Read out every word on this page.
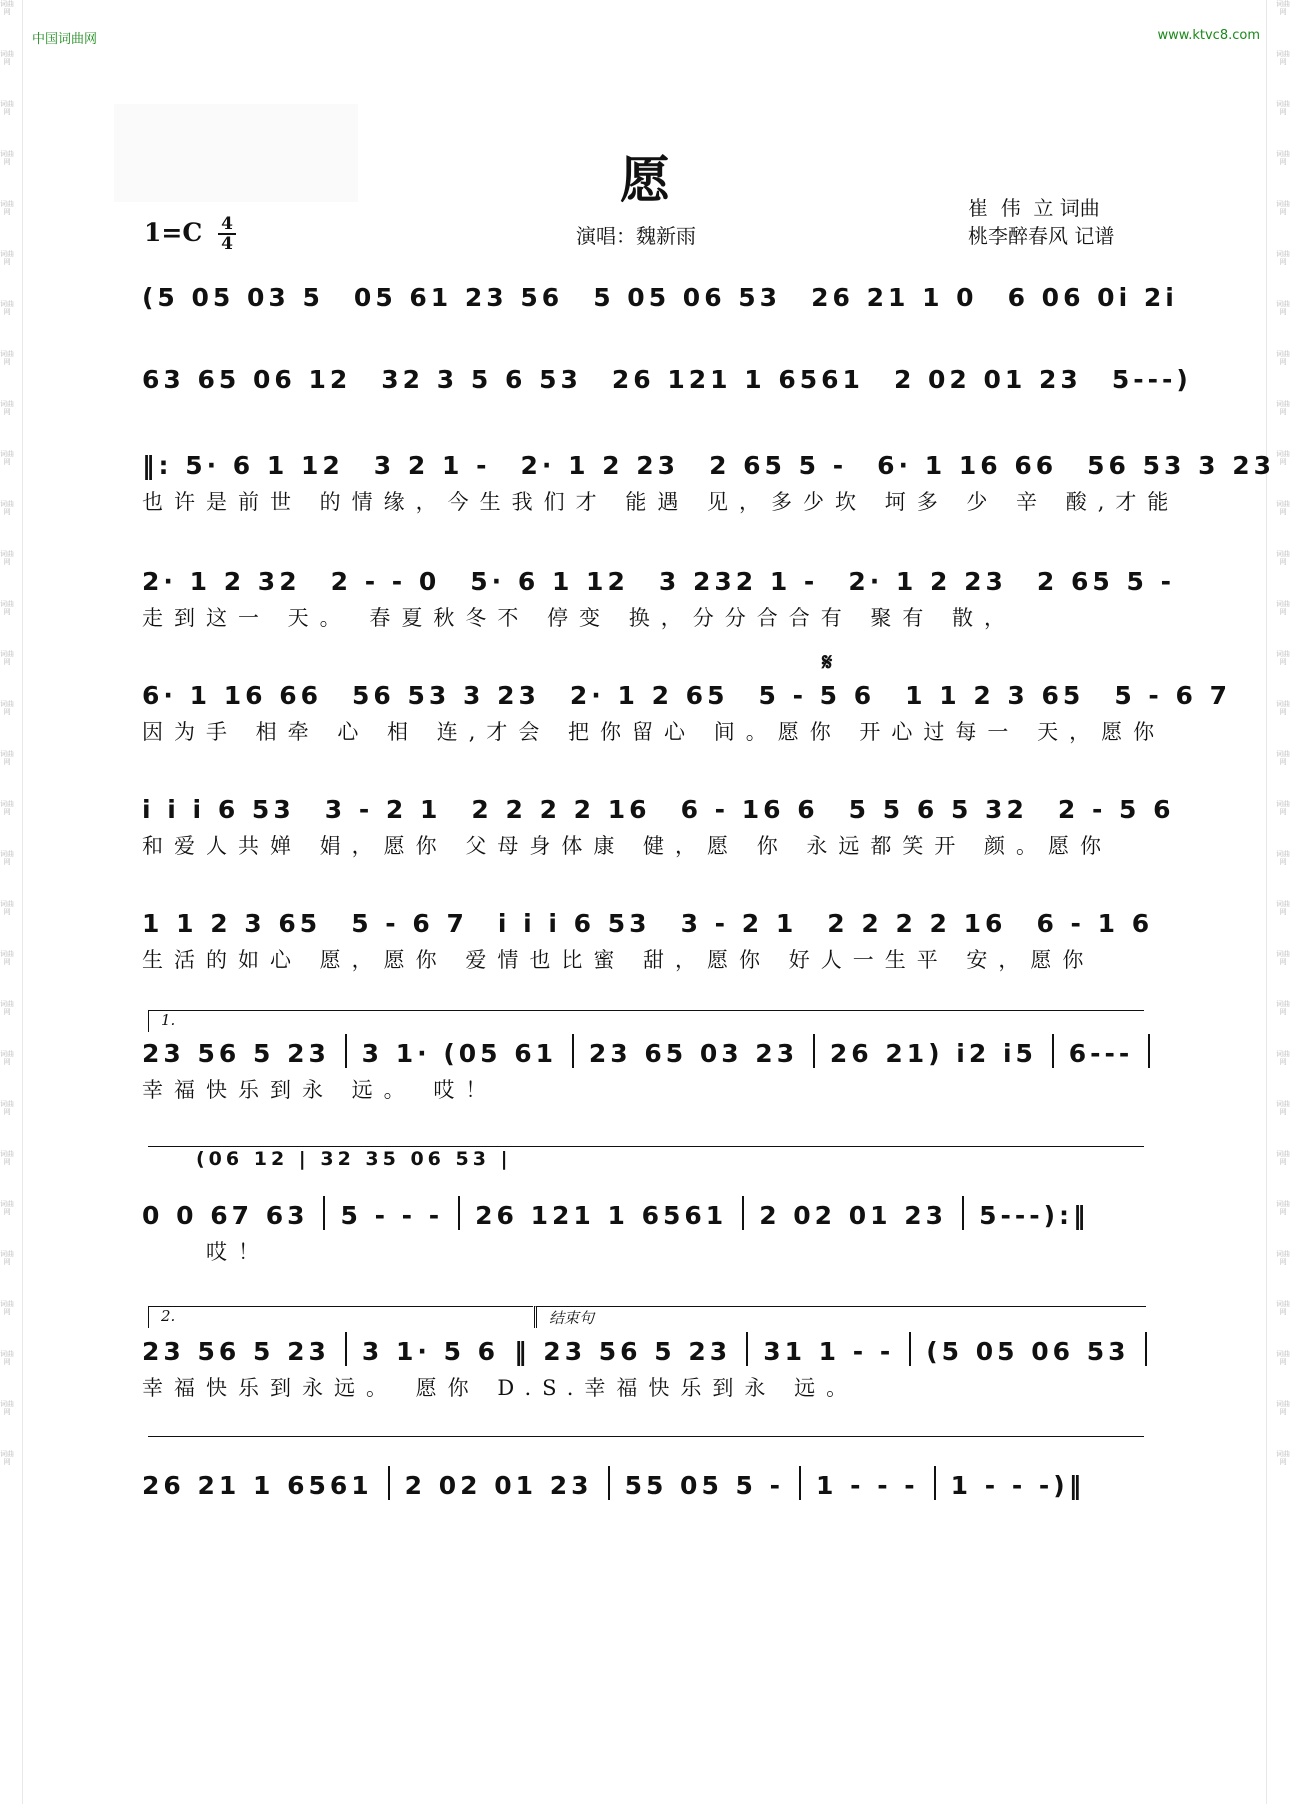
词曲网
词曲网
词曲网
词曲网
词曲网
词曲网
词曲网
词曲网
词曲网
词曲网
词曲网
词曲网
词曲网
词曲网
词曲网
词曲网
词曲网
词曲网
词曲网
词曲网
词曲网
词曲网
词曲网
词曲网
词曲网
词曲网
词曲网
词曲网
词曲网
词曲网
词曲网
词曲网
词曲网
词曲网
词曲网
词曲网
词曲网
词曲网
词曲网
词曲网
词曲网
词曲网
词曲网
词曲网
词曲网
词曲网
词曲网
词曲网
词曲网
词曲网
词曲网
词曲网
词曲网
词曲网
词曲网
词曲网
词曲网
词曲网
词曲网
词曲网
中国词曲网	www.ktvc8.com
愿
1=C 4
4	演唱：魏新雨
崔  伟  立 词曲
桃李醉春风 记谱
(5 05 03 5 05 61 23 56 5 05 06 53 26 21 1 0 6 06 0i 2i
63 65 06 12 32 3 5 6 53 26 121 1 6561 2 02 01 23 5---)
‖: 5· 6 1 12 3 2 1 - 2· 1 2 23 2 65 5 - 6· 1 16 66 56 53 3 23
也许是前世 的情缘，今生我们才 能遇 见，多少坎 坷多 少 辛 酸,才能
2· 1 2 32 2 - - 0 5· 6 1 12 3 232 1 - 2· 1 2 23 2 65 5 -
走到这一 天。 春夏秋冬不 停变 换，分分合合有 聚有 散，
𝄋
6· 1 16 66 56 53 3 23 2· 1 2 65 5 - 5 6 1 1 2 3 65 5 - 6 7
因为手 相牵 心 相 连,才会 把你留心 间。愿你 开心过每一 天，愿你
i i i 6 53 3 - 2 1 2 2 2 2 16 6 - 16 6 5 5 6 5 32 2 - 5 6
和爱人共婵 娟，愿你 父母身体康 健，愿 你 永远都笑开 颜。愿你
1 1 2 3 65 5 - 6 7 i i i 6 53 3 - 2 1 2 2 2 2 16 6 - 1 6
生活的如心 愿，愿你 爱情也比蜜 甜，愿你 好人一生平 安，愿你
1.
23 56 5 23 3 1· (05 61 23 65 03 23 26 21) i2 i5 6---
幸福快乐到永 远。 哎！
(06 12 | 32 35 06 53 |
0 0 67 63 5 - - - 26 121 1 6561 2 02 01 23 5---):‖
哎！
2.	结束句
23 56 5 23 3 1· 5 6 ‖ 23 56 5 23 31 1 - - (5 05 06 53
幸福快乐到永远。 愿你 D.S.幸福快乐到永 远。
26 21 1 6561 2 02 01 23 55 05 5 - 1 - - - 1 - - -)‖
